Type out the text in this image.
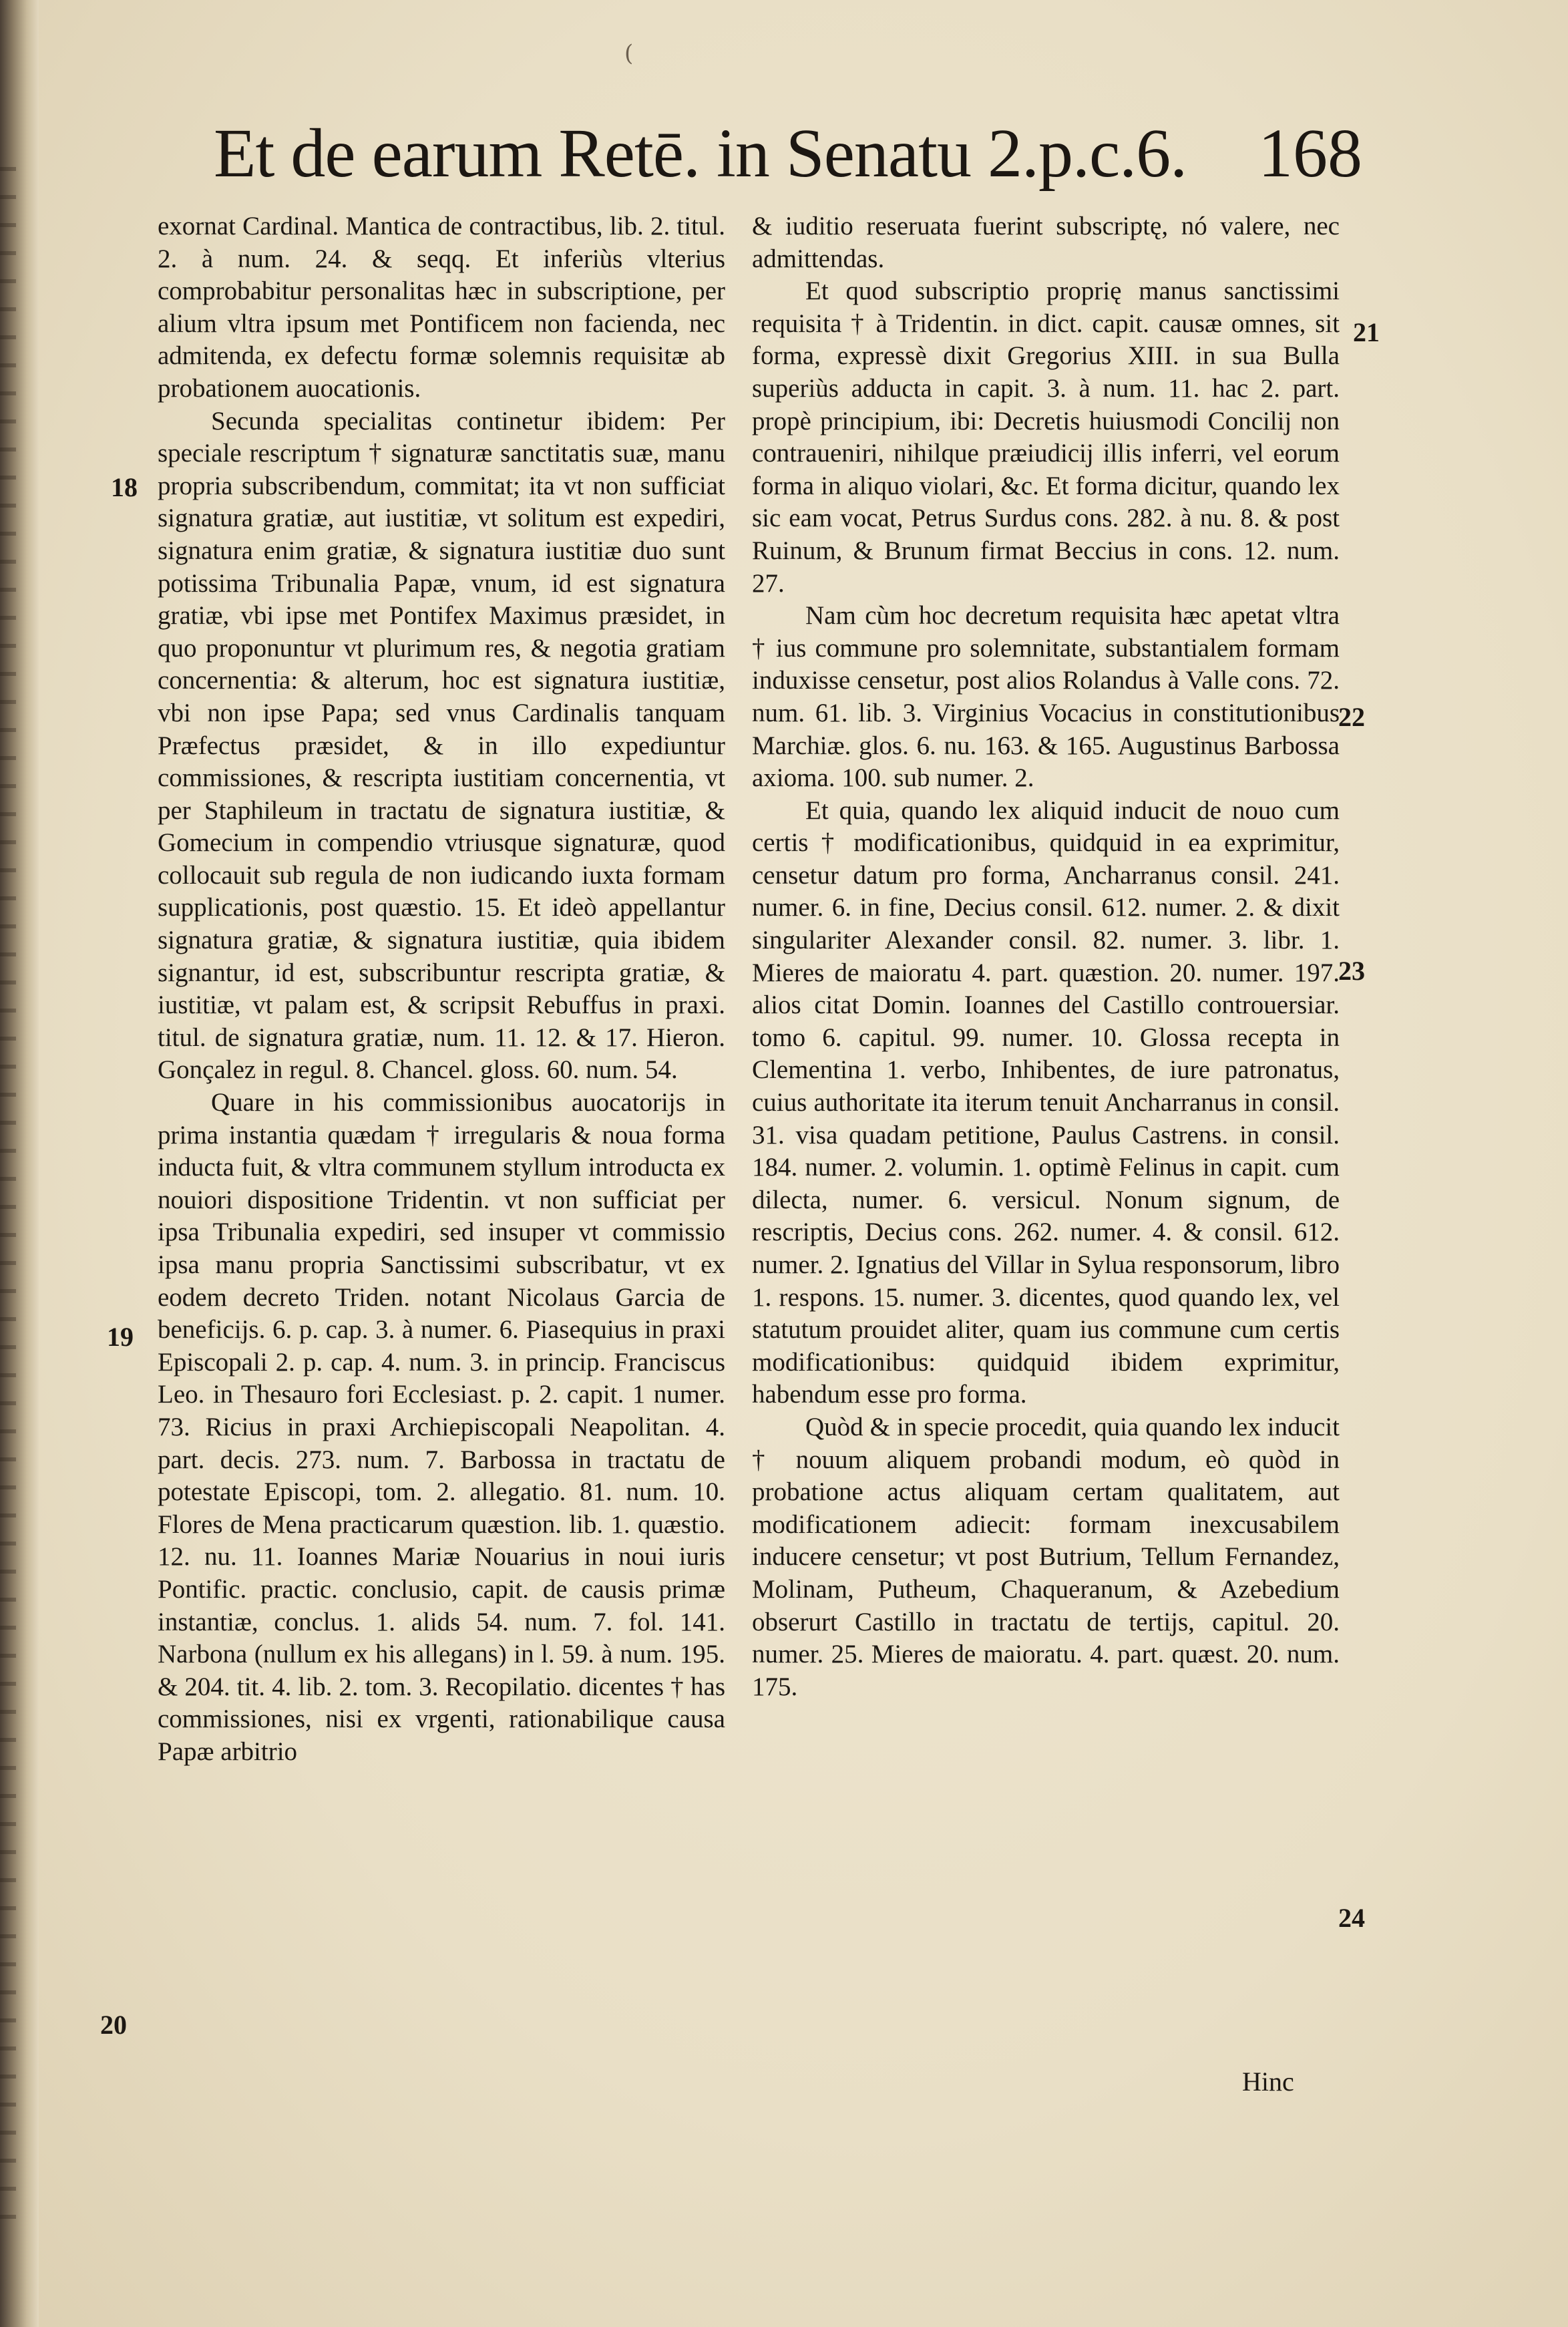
(
Et de earum Retē. in Senatu 2.p.c.6. 168

exornat Cardinal. Mantica de contractibus, lib. 2. titul. 2. à num. 24. & seqq. Et inferiùs vlterius comprobabitur personalitas hæc in subscriptione, per alium vltra ipsum met Pontificem non facienda, nec admitenda, ex defectu formæ solemnis requisitæ ab probationem auocationis.

Secunda specialitas continetur ibidem: Per speciale rescriptum † signaturæ sanctitatis suæ, manu propria subscribendum, commitat; ita vt non sufficiat signatura gratiæ, aut iustitiæ, vt solitum est expediri, signatura enim gratiæ, & signatura iustitiæ duo sunt potissima Tribunalia Papæ, vnum, id est signatura gratiæ, vbi ipse met Pontifex Maximus præsidet, in quo proponuntur vt plurimum res, & negotia gratiam concernentia: & alterum, hoc est signatura iustitiæ, vbi non ipse Papa; sed vnus Cardinalis tanquam Præfectus præsidet, & in illo expediuntur commissiones, & rescripta iustitiam concernentia, vt per Staphileum in tractatu de signatura iustitiæ, & Gomecium in compendio vtriusque signaturæ, quod collocauit sub regula de non iudicando iuxta formam supplicationis, post quæstio. 15. Et ideò appellantur signatura gratiæ, & signatura iustitiæ, quia ibidem signantur, id est, subscribuntur rescripta gratiæ, & iustitiæ, vt palam est, & scripsit Rebuffus in praxi. titul. de signatura gratiæ, num. 11. 12. & 17. Hieron. Gonçalez in regul. 8. Chancel. gloss. 60. num. 54.

Quare in his commissionibus auocatorijs in prima instantia quædam † irregularis & noua forma inducta fuit, & vltra communem styllum introducta ex nouiori dispositione Tridentin. vt non sufficiat per ipsa Tribunalia expediri, sed insuper vt commissio ipsa manu propria Sanctissimi subscribatur, vt ex eodem decreto Triden. notant Nicolaus Garcia de beneficijs. 6. p. cap. 3. à numer. 6. Piasequius in praxi Episcopali 2. p. cap. 4. num. 3. in princip. Franciscus Leo. in Thesauro fori Ecclesiast. p. 2. capit. 1 numer. 73. Ricius in praxi Archiepiscopali Neapolitan. 4. part. decis. 273. num. 7. Barbossa in tractatu de potestate Episcopi, tom. 2. allegatio. 81. num. 10. Flores de Mena practicarum quæstion. lib. 1. quæstio. 12. nu. 11. Ioannes Mariæ Nouarius in noui iuris Pontific. practic. conclusio, capit. de causis primæ instantiæ, conclus. 1. alids 54. num. 7. fol. 141. Narbona (nullum ex his allegans) in l. 59. à num. 195. & 204. tit. 4. lib. 2. tom. 3. Recopilatio. dicentes † has commissiones, nisi ex vrgenti, rationabilique causa Papæ arbitrio

& iuditio reseruata fuerint subscriptę, nó valere, nec admittendas.

Et quod subscriptio proprię manus sanctissimi requisita † à Tridentin. in dict. capit. causæ omnes, sit forma, expressè dixit Gregorius XIII. in sua Bulla superiùs adducta in capit. 3. à num. 11. hac 2. part. propè principium, ibi: Decretis huiusmodi Concilij non contraueniri, nihilque præiudicij illis inferri, vel eorum forma in aliquo violari, &c. Et forma dicitur, quando lex sic eam vocat, Petrus Surdus cons. 282. à nu. 8. & post Ruinum, & Brunum firmat Beccius in cons. 12. num. 27.

Nam cùm hoc decretum requisita hæc apetat vltra † ius commune pro solemnitate, substantialem formam induxisse censetur, post alios Rolandus à Valle cons. 72. num. 61. lib. 3. Virginius Vocacius in constitutionibus Marchiæ. glos. 6. nu. 163. & 165. Augustinus Barbossa axioma. 100. sub numer. 2.

Et quia, quando lex aliquid inducit de nouo cum certis † modificationibus, quidquid in ea exprimitur, censetur datum pro forma, Ancharranus consil. 241. numer. 6. in fine, Decius consil. 612. numer. 2. & dixit singulariter Alexander consil. 82. numer. 3. libr. 1. Mieres de maioratu 4. part. quæstion. 20. numer. 197. alios citat Domin. Ioannes del Castillo controuersiar. tomo 6. capitul. 99. numer. 10. Glossa recepta in Clementina 1. verbo, Inhibentes, de iure patronatus, cuius authoritate ita iterum tenuit Ancharranus in consil. 31. visa quadam petitione, Paulus Castrens. in consil. 184. numer. 2. volumin. 1. optimè Felinus in capit. cum dilecta, numer. 6. versicul. Nonum signum, de rescriptis, Decius cons. 262. numer. 4. & consil. 612. numer. 2. Ignatius del Villar in Sylua responsorum, libro 1. respons. 15. numer. 3. dicentes, quod quando lex, vel statutum prouidet aliter, quam ius commune cum certis modificationibus: quidquid ibidem exprimitur, habendum esse pro forma.

Quòd & in specie procedit, quia quando lex inducit † nouum aliquem probandi modum, eò quòd in probatione actus aliquam certam qualitatem, aut modificationem adiecit: formam inexcusabilem inducere censetur; vt post Butrium, Tellum Fernandez, Molinam, Putheum, Chaqueranum, & Azebedium obserurt Castillo in tractatu de tertijs, capitul. 20. numer. 25. Mieres de maioratu. 4. part. quæst. 20. num. 175.

18
19
20
21
22
23
24
Hinc
